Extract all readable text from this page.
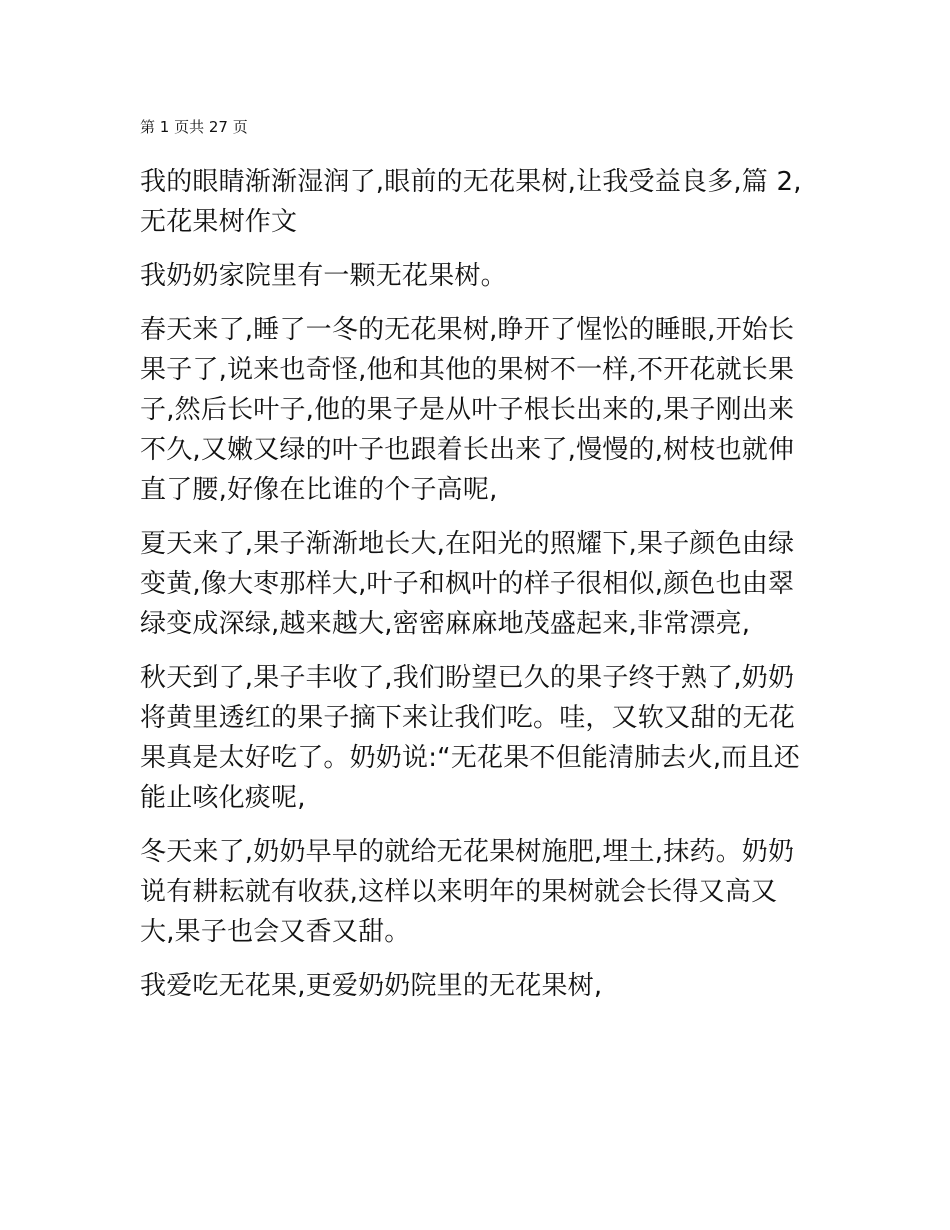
第 1 页共 27 页

我的眼睛渐渐湿润了,眼前的无花果树,让我受益良多,篇 2,无花果树作文

我奶奶家院里有一颗无花果树。

春天来了,睡了一冬的无花果树,睁开了惺忪的睡眼,开始长果子了,说来也奇怪,他和其他的果树不一样,不开花就长果子,然后长叶子,他的果子是从叶子根长出来的,果子刚出来不久,又嫩又绿的叶子也跟着长出来了,慢慢的,树枝也就伸直了腰,好像在比谁的个子高呢,

夏天来了,果子渐渐地长大,在阳光的照耀下,果子颜色由绿变黄,像大枣那样大,叶子和枫叶的样子很相似,颜色也由翠绿变成深绿,越来越大,密密麻麻地茂盛起来,非常漂亮,

秋天到了,果子丰收了,我们盼望已久的果子终于熟了,奶奶将黄里透红的果子摘下来让我们吃。哇，又软又甜的无花果真是太好吃了。奶奶说:“无花果不但能清肺去火,而且还能止咳化痰呢,

冬天来了,奶奶早早的就给无花果树施肥,埋土,抹药。奶奶说有耕耘就有收获,这样以来明年的果树就会长得又高又大,果子也会又香又甜。

我爱吃无花果,更爱奶奶院里的无花果树,
